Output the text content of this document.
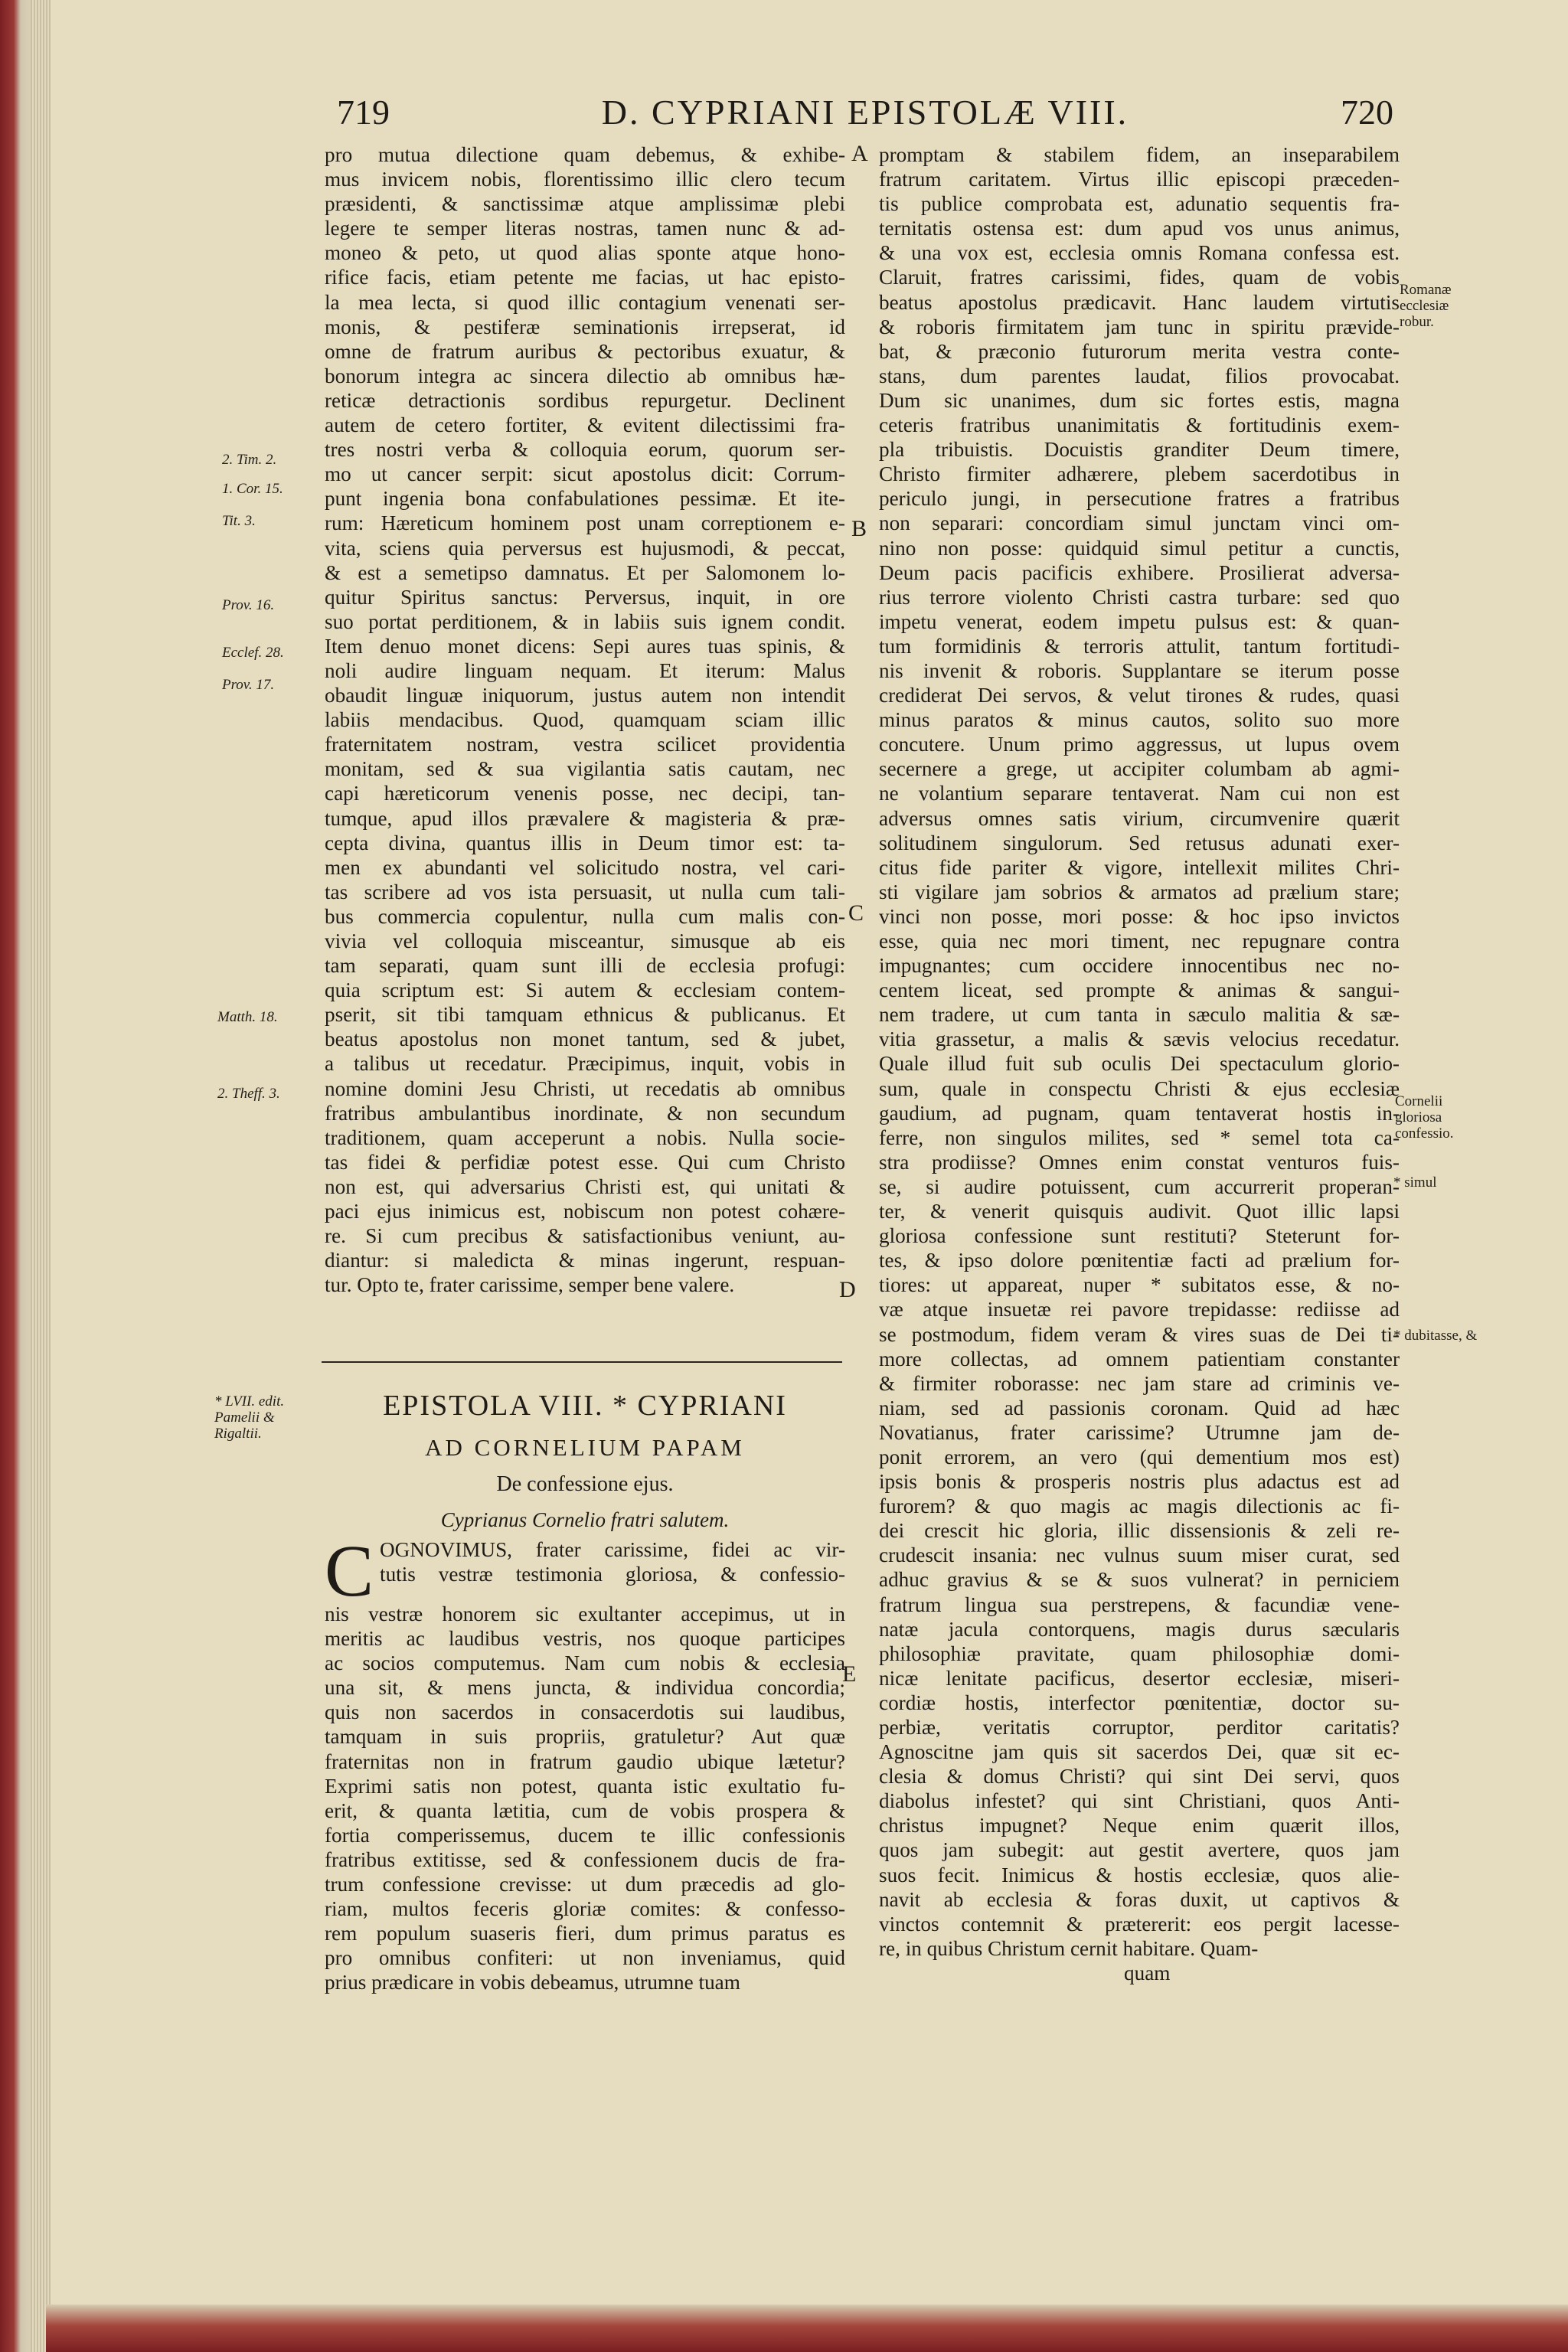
719	D. CYPRIANI EPISTOLÆ VIII.	720
2. Tim. 2.
1. Cor. 15.
Tit. 3.
Prov. 16.
Ecclef. 28.
Prov. 17.
Matth. 18.
2. Theff. 3.
* LVII. edit. Pamelii & Rigaltii.
Romanæ ecclesiæ robur.
Cornelii gloriosa confessio.
* simul
* dubitasse, &
A
B
C
D
E
pro mutua dilectione quam debemus, & exhibe-
mus invicem nobis, florentissimo illic clero tecum
præsidenti, & sanctissimæ atque amplissimæ plebi
legere te semper literas nostras, tamen nunc & ad-
moneo & peto, ut quod alias sponte atque hono-
rifice facis, etiam petente me facias, ut hac episto-
la mea lecta, si quod illic contagium venenati ser-
monis, & pestiferæ seminationis irrepserat, id
omne de fratrum auribus & pectoribus exuatur, &
bonorum integra ac sincera dilectio ab omnibus hæ-
reticæ detractionis sordibus repurgetur. Declinent
autem de cetero fortiter, & evitent dilectissimi fra-
tres nostri verba & colloquia eorum, quorum ser-
mo ut cancer serpit: sicut apostolus dicit: Corrum-
punt ingenia bona confabulationes pessimæ. Et ite-
rum: Hæreticum hominem post unam correptionem e-
vita, sciens quia perversus est hujusmodi, & peccat,
& est a semetipso damnatus. Et per Salomonem lo-
quitur Spiritus sanctus: Perversus, inquit, in ore
suo portat perditionem, & in labiis suis ignem condit.
Item denuo monet dicens: Sepi aures tuas spinis, &
noli audire linguam nequam. Et iterum: Malus
obaudit linguæ iniquorum, justus autem non intendit
labiis mendacibus. Quod, quamquam sciam illic
fraternitatem nostram, vestra scilicet providentia
monitam, sed & sua vigilantia satis cautam, nec
capi hæreticorum venenis posse, nec decipi, tan-
tumque, apud illos prævalere & magisteria & præ-
cepta divina, quantus illis in Deum timor est: ta-
men ex abundanti vel solicitudo nostra, vel cari-
tas scribere ad vos ista persuasit, ut nulla cum tali-
bus commercia copulentur, nulla cum malis con-
vivia vel colloquia misceantur, simusque ab eis
tam separati, quam sunt illi de ecclesia profugi:
quia scriptum est: Si autem & ecclesiam contem-
pserit, sit tibi tamquam ethnicus & publicanus. Et
beatus apostolus non monet tantum, sed & jubet,
a talibus ut recedatur. Præcipimus, inquit, vobis in
nomine domini Jesu Christi, ut recedatis ab omnibus
fratribus ambulantibus inordinate, & non secundum
traditionem, quam acceperunt a nobis. Nulla socie-
tas fidei & perfidiæ potest esse. Qui cum Christo
non est, qui adversarius Christi est, qui unitati &
paci ejus inimicus est, nobiscum non potest cohære-
re. Si cum precibus & satisfactionibus veniunt, au-
diantur: si maledicta & minas ingerunt, respuan-
tur. Opto te, frater carissime, semper bene valere.
EPISTOLA VIII. * CYPRIANI
AD CORNELIUM PAPAM
De confessione ejus.
Cyprianus Cornelio fratri salutem.
C OGNOVIMUS, frater carissime, fidei ac vir-
tutis vestræ testimonia gloriosa, & confessio-
nis vestræ honorem sic exultanter accepimus, ut in
meritis ac laudibus vestris, nos quoque participes
ac socios computemus. Nam cum nobis & ecclesia
una sit, & mens juncta, & individua concordia;
quis non sacerdos in consacerdotis sui laudibus,
tamquam in suis propriis, gratuletur? Aut quæ
fraternitas non in fratrum gaudio ubique lætetur?
Exprimi satis non potest, quanta istic exultatio fu-
erit, & quanta lætitia, cum de vobis prospera &
fortia comperissemus, ducem te illic confessionis
fratribus extitisse, sed & confessionem ducis de fra-
trum confessione crevisse: ut dum præcedis ad glo-
riam, multos feceris gloriæ comites: & confesso-
rem populum suaseris fieri, dum primus paratus es
pro omnibus confiteri: ut non inveniamus, quid
prius prædicare in vobis debeamus, utrumne tuam
promptam & stabilem fidem, an inseparabilem
fratrum caritatem. Virtus illic episcopi præceden-
tis publice comprobata est, adunatio sequentis fra-
ternitatis ostensa est: dum apud vos unus animus,
& una vox est, ecclesia omnis Romana confessa est.
Claruit, fratres carissimi, fides, quam de vobis
beatus apostolus prædicavit. Hanc laudem virtutis
& roboris firmitatem jam tunc in spiritu prævide-
bat, & præconio futurorum merita vestra conte-
stans, dum parentes laudat, filios provocabat.
Dum sic unanimes, dum sic fortes estis, magna
ceteris fratribus unanimitatis & fortitudinis exem-
pla tribuistis. Docuistis granditer Deum timere,
Christo firmiter adhærere, plebem sacerdotibus in
periculo jungi, in persecutione fratres a fratribus
non separari: concordiam simul junctam vinci om-
nino non posse: quidquid simul petitur a cunctis,
Deum pacis pacificis exhibere. Prosilierat adversa-
rius terrore violento Christi castra turbare: sed quo
impetu venerat, eodem impetu pulsus est: & quan-
tum formidinis & terroris attulit, tantum fortitudi-
nis invenit & roboris. Supplantare se iterum posse
crediderat Dei servos, & velut tirones & rudes, quasi
minus paratos & minus cautos, solito suo more
concutere. Unum primo aggressus, ut lupus ovem
secernere a grege, ut accipiter columbam ab agmi-
ne volantium separare tentaverat. Nam cui non est
adversus omnes satis virium, circumvenire quærit
solitudinem singulorum. Sed retusus adunati exer-
citus fide pariter & vigore, intellexit milites Chri-
sti vigilare jam sobrios & armatos ad prælium stare;
vinci non posse, mori posse: & hoc ipso invictos
esse, quia nec mori timent, nec repugnare contra
impugnantes; cum occidere innocentibus nec no-
centem liceat, sed prompte & animas & sangui-
nem tradere, ut cum tanta in sæculo malitia & sæ-
vitia grassetur, a malis & sævis velocius recedatur.
Quale illud fuit sub oculis Dei spectaculum glorio-
sum, quale in conspectu Christi & ejus ecclesiæ
gaudium, ad pugnam, quam tentaverat hostis in-
ferre, non singulos milites, sed * semel tota ca-
stra prodiisse? Omnes enim constat venturos fuis-
se, si audire potuissent, cum accurrerit properan-
ter, & venerit quisquis audivit. Quot illic lapsi
gloriosa confessione sunt restituti? Steterunt for-
tes, & ipso dolore pœnitentiæ facti ad prælium for-
tiores: ut appareat, nuper * subitatos esse, & no-
væ atque insuetæ rei pavore trepidasse: rediisse ad
se postmodum, fidem veram & vires suas de Dei ti-
more collectas, ad omnem patientiam constanter
& firmiter roborasse: nec jam stare ad criminis ve-
niam, sed ad passionis coronam. Quid ad hæc
Novatianus, frater carissime? Utrumne jam de-
ponit errorem, an vero (qui dementium mos est)
ipsis bonis & prosperis nostris plus adactus est ad
furorem? & quo magis ac magis dilectionis ac fi-
dei crescit hic gloria, illic dissensionis & zeli re-
crudescit insania: nec vulnus suum miser curat, sed
adhuc gravius & se & suos vulnerat? in perniciem
fratrum lingua sua perstrepens, & facundiæ vene-
natæ jacula contorquens, magis durus sæcularis
philosophiæ pravitate, quam philosophiæ domi-
nicæ lenitate pacificus, desertor ecclesiæ, miseri-
cordiæ hostis, interfector pœnitentiæ, doctor su-
perbiæ, veritatis corruptor, perditor caritatis?
Agnoscitne jam quis sit sacerdos Dei, quæ sit ec-
clesia & domus Christi? qui sint Dei servi, quos
diabolus infestet? qui sint Christiani, quos Anti-
christus impugnet? Neque enim quærit illos,
quos jam subegit: aut gestit avertere, quos jam
suos fecit. Inimicus & hostis ecclesiæ, quos alie-
navit ab ecclesia & foras duxit, ut captivos &
vinctos contemnit & prætererit: eos pergit lacesse-
re, in quibus Christum cernit habitare. Quam-
quam
